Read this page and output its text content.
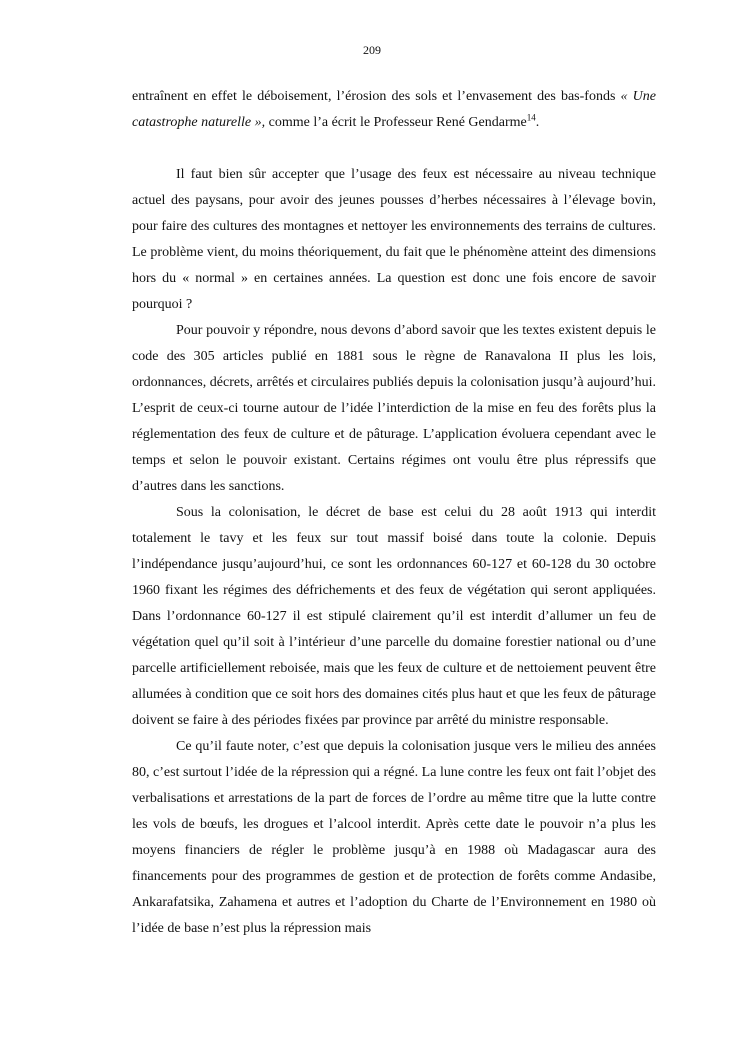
209

entraînent en effet le déboisement, l’érosion des sols et l’envasement des bas-fonds « Une catastrophe naturelle », comme l’a écrit le Professeur René Gendarme$^{14}$.

Il faut bien sûr accepter que l’usage des feux est nécessaire au niveau technique actuel des paysans, pour avoir des jeunes pousses d’herbes nécessaires à l’élevage bovin, pour faire des cultures des montagnes et nettoyer les environnements des terrains de cultures. Le problème vient, du moins théoriquement, du fait que le phénomène atteint des dimensions hors du « normal » en certaines années. La question est donc une fois encore de savoir pourquoi ?

Pour pouvoir y répondre, nous devons d’abord savoir que les textes existent depuis le code des 305 articles publié en 1881 sous le règne de Ranavalona II plus les lois, ordonnances, décrets, arrêtés et circulaires publiés depuis la colonisation jusqu’à aujourd’hui. L’esprit de ceux-ci tourne autour de l’idée l’interdiction de la mise en feu des forêts plus la réglementation des feux de culture et de pâturage. L’application évoluera cependant avec le temps et selon le pouvoir existant. Certains régimes ont voulu être plus répressifs que d’autres dans les sanctions.

Sous la colonisation, le décret de base est celui du 28 août 1913 qui interdit totalement le tavy et les feux sur tout massif boisé dans toute la colonie. Depuis l’indépendance jusqu’aujourd’hui, ce sont les ordonnances 60-127 et 60-128 du 30 octobre 1960 fixant les régimes des défrichements et des feux de végétation qui seront appliquées. Dans l’ordonnance 60-127 il est stipulé clairement qu’il est interdit d’allumer un feu de végétation quel qu’il soit à l’intérieur d’une parcelle du domaine forestier national ou d’une parcelle artificiellement reboisée, mais que les feux de culture et de nettoiement peuvent être allumées à condition que ce soit hors des domaines cités plus haut et que les feux de pâturage doivent se faire à des périodes fixées par province par arrêté du ministre responsable.

Ce qu’il faute noter, c’est que depuis la colonisation jusque vers le milieu des années 80, c’est surtout l’idée de la répression qui a régné. La lune contre les feux ont fait l’objet des verbalisations et arrestations de la part de forces de l’ordre au même titre que la lutte contre les vols de bœufs, les drogues et l’alcool interdit. Après cette date le pouvoir n’a plus les moyens financiers de régler le problème jusqu’à en 1988 où Madagascar aura des financements pour des programmes de gestion et de protection de forêts comme Andasibe, Ankarafatsika, Zahamena et autres et l’adoption du Charte de l’Environnement en 1980 où l’idée de base n’est plus la répression mais
